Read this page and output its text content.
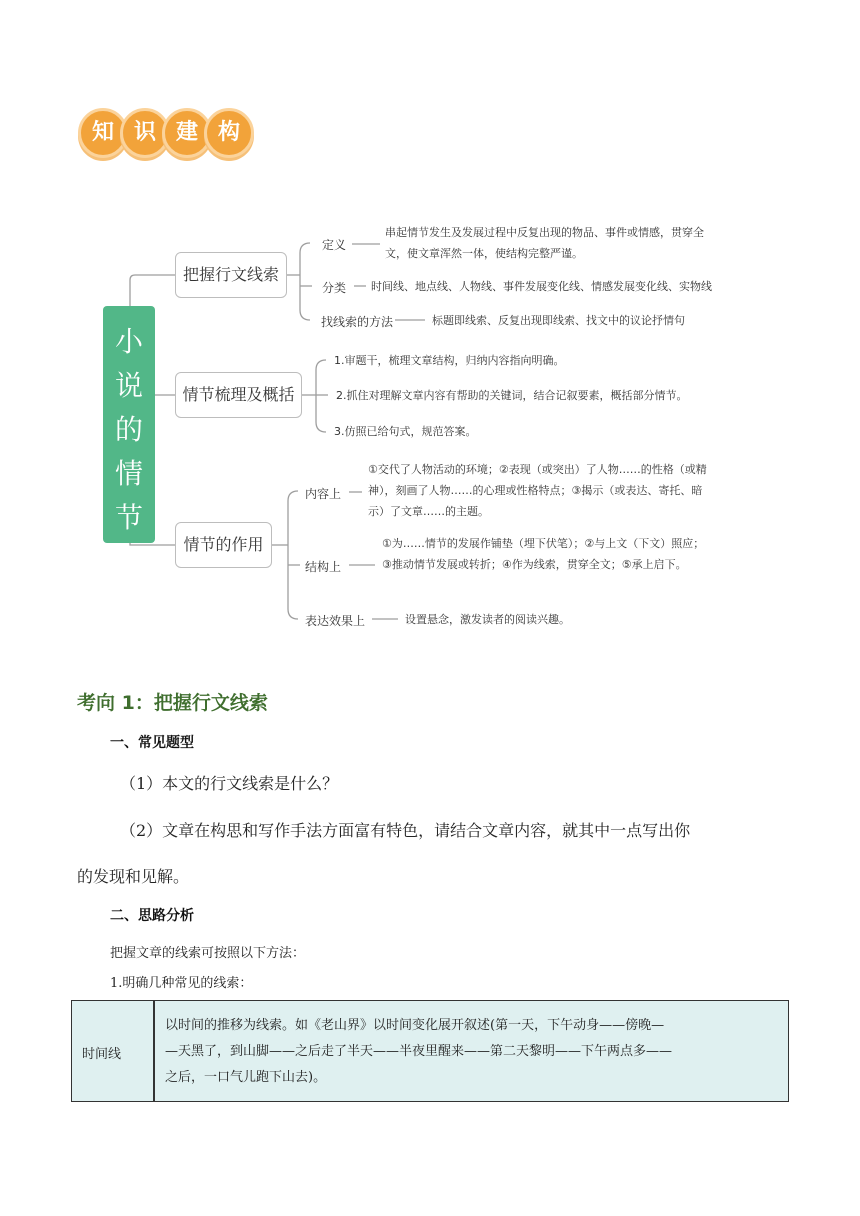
知 识 建 构
小
说
的
情
节
把握行文线索
情节梳理及概括
情节的作用
定义
串起情节发生及发展过程中反复出现的物品、事件或情感，贯穿全
文，使文章浑然一体，使结构完整严谨。
分类 时间线、地点线、人物线、事件发展变化线、情感发展变化线、实物线
找线索的方法	标题即线索、反复出现即线索、找文中的议论抒情句
1.审题干，梳理文章结构，归纳内容指向明确。
2.抓住对理解文章内容有帮助的关键词，结合记叙要素，概括部分情节。
3.仿照已给句式，规范答案。
内容上
①交代了人物活动的环境；②表现（或突出）了人物……的性格（或精
神），刻画了人物……的心理或性格特点；③揭示（或表达、寄托、暗
示）了文章……的主题。
结构上
①为……情节的发展作铺垫（埋下伏笔）；②与上文（下文）照应；
③推动情节发展或转折；④作为线索，贯穿全文；⑤承上启下。
表达效果上	设置悬念，激发读者的阅读兴趣。
考向 1：把握行文线索
一、常见题型
（1）本文的行文线索是什么？
（2）文章在构思和写作手法方面富有特色，请结合文章内容，就其中一点写出你
的发现和见解。
二、思路分析
把握文章的线索可按照以下方法：
1.明确几种常见的线索：
时间线
以时间的推移为线索。如《老山界》以时间变化展开叙述(第一天，下午动身——傍晚—
—天黑了，到山脚——之后走了半天——半夜里醒来——第二天黎明——下午两点多——
之后，一口气儿跑下山去)。
